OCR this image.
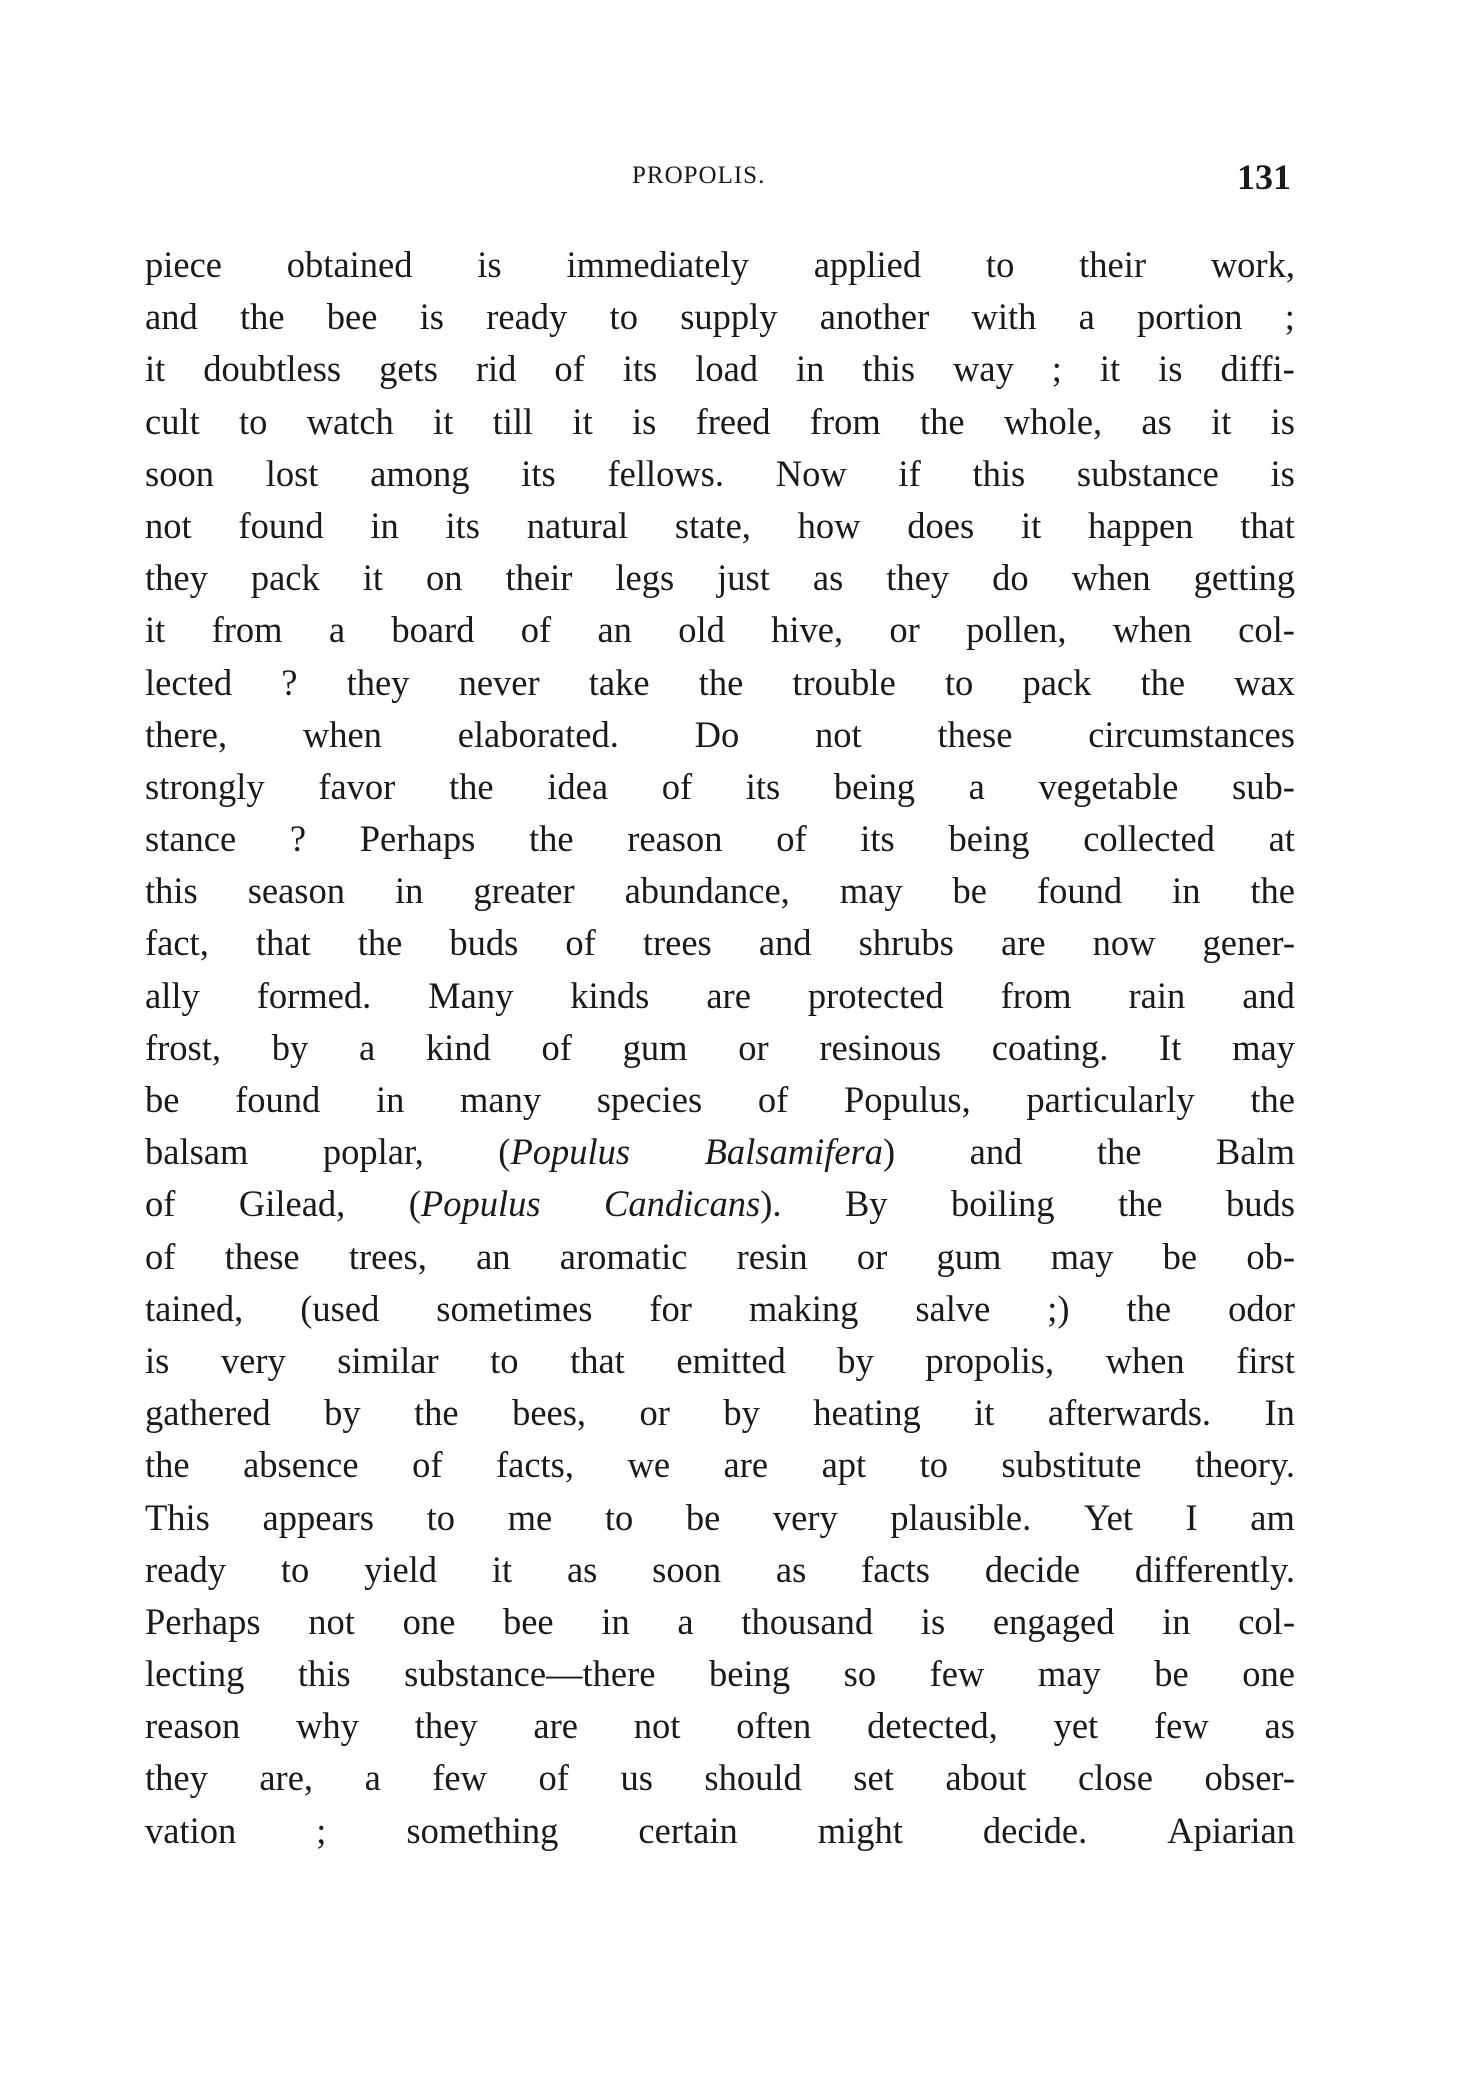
PROPOLIS.	131
piece obtained is immediately applied to their work,
and the bee is ready to supply another with a portion ;
it doubtless gets rid of its load in this way ; it is diffi-
cult to watch it till it is freed from the whole, as it is
soon lost among its fellows. Now if this substance is
not found in its natural state, how does it happen that
they pack it on their legs just as they do when getting
it from a board of an old hive, or pollen, when col-
lected ? they never take the trouble to pack the wax
there, when elaborated. Do not these circumstances
strongly favor the idea of its being a vegetable sub-
stance ? Perhaps the reason of its being collected at
this season in greater abundance, may be found in the
fact, that the buds of trees and shrubs are now gener-
ally formed. Many kinds are protected from rain and
frost, by a kind of gum or resinous coating. It may
be found in many species of Populus, particularly the
balsam poplar, (Populus Balsamifera) and the Balm
of Gilead, (Populus Candicans). By boiling the buds
of these trees, an aromatic resin or gum may be ob-
tained, (used sometimes for making salve ;) the odor
is very similar to that emitted by propolis, when first
gathered by the bees, or by heating it afterwards. In
the absence of facts, we are apt to substitute theory.
This appears to me to be very plausible. Yet I am
ready to yield it as soon as facts decide differently.
Perhaps not one bee in a thousand is engaged in col-
lecting this substance—there being so few may be one
reason why they are not often detected, yet few as
they are, a few of us should set about close obser-
vation ; something certain might decide. Apiarian
